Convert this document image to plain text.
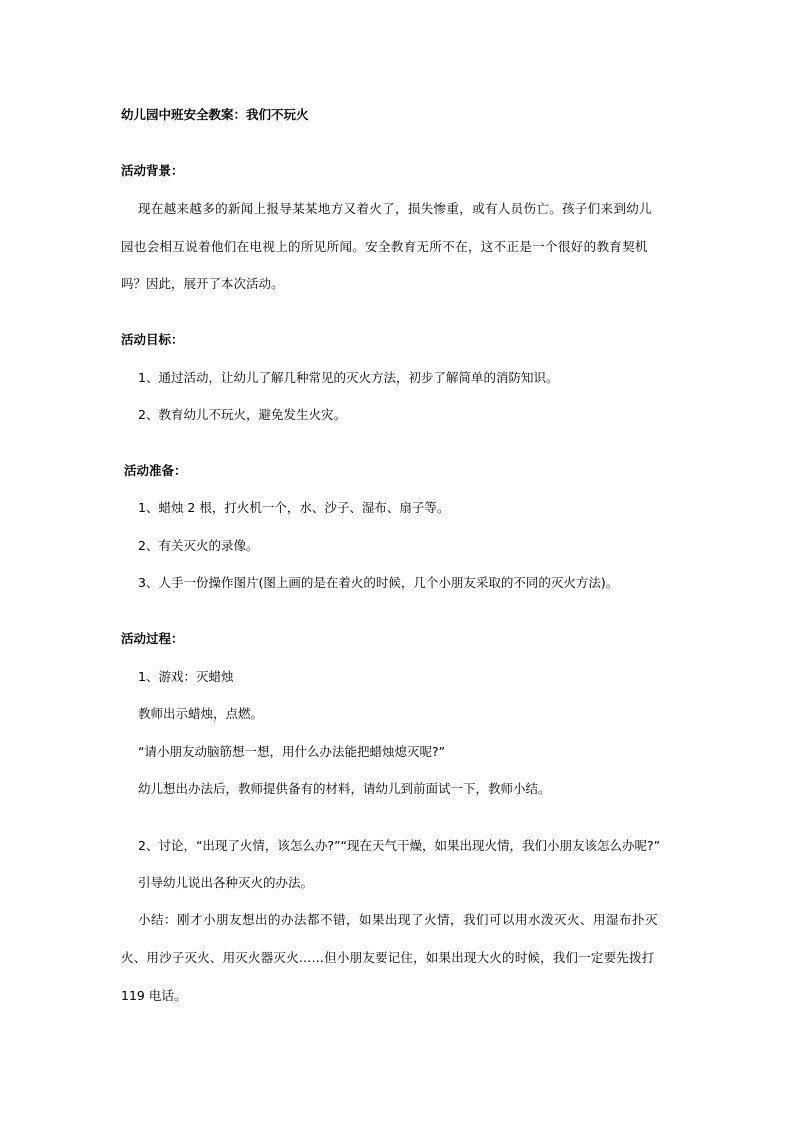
幼儿园中班安全教案：我们不玩火
活动背景：
现在越来越多的新闻上报导某某地方又着火了，损失惨重，或有人员伤亡。孩子们来到幼儿
园也会相互说着他们在电视上的所见所闻。安全教育无所不在，这不正是一个很好的教育契机
吗？因此，展开了本次活动。
活动目标：
1、通过活动，让幼儿了解几种常见的灭火方法，初步了解简单的消防知识。
2、教育幼儿不玩火，避免发生火灾。
活动准备：
1、蜡烛 2 根，打火机一个，水、沙子、湿布、扇子等。
2、有关灭火的录像。
3、人手一份操作图片(图上画的是在着火的时候，几个小朋友采取的不同的灭火方法)。
活动过程：
1、游戏：灭蜡烛
教师出示蜡烛，点燃。
“请小朋友动脑筋想一想，用什么办法能把蜡烛熄灭呢?”
幼儿想出办法后，教师提供备有的材料，请幼儿到前面试一下，教师小结。
2、讨论，“出现了火情，该怎么办?”“现在天气干燥，如果出现火情，我们小朋友该怎么办呢?”
引导幼儿说出各种灭火的办法。
小结：刚才小朋友想出的办法都不错，如果出现了火情，我们可以用水泼灭火、用湿布扑灭
火、用沙子灭火、用灭火器灭火……但小朋友要记住，如果出现大火的时候，我们一定要先拨打
119 电话。
